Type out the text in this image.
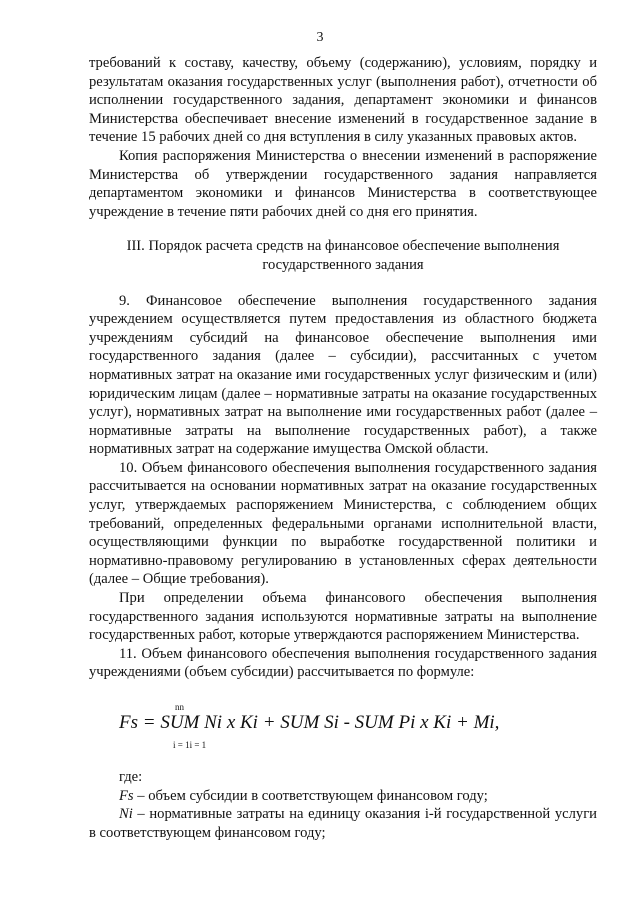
3

требований к составу, качеству, объему (содержанию), условиям, порядку и результатам оказания государственных услуг (выполнения работ), отчетности об исполнении государственного задания, департамент экономики и финансов Министерства обеспечивает внесение изменений в государственное задание в течение 15 рабочих дней со дня вступления в силу указанных правовых актов.

Копия распоряжения Министерства о внесении изменений в распоряжение Министерства об утверждении государственного задания направляется департаментом экономики и финансов Министерства в соответствующее учреждение в течение пяти рабочих дней со дня его принятия.

III. Порядок расчета средств на финансовое обеспечение выполнения государственного задания

9. Финансовое обеспечение выполнения государственного задания учреждением осуществляется путем предоставления из областного бюджета учреждениям субсидий на финансовое обеспечение выполнения ими государственного задания (далее – субсидии), рассчитанных с учетом нормативных затрат на оказание ими государственных услуг физическим и (или) юридическим лицам (далее – нормативные затраты на оказание государственных услуг), нормативных затрат на выполнение ими государственных работ (далее – нормативные затраты на выполнение государственных работ), а также нормативных затрат на содержание имущества Омской области.

10. Объем финансового обеспечения выполнения государственного задания рассчитывается на основании нормативных затрат на оказание государственных услуг, утверждаемых распоряжением Министерства, с соблюдением общих требований, определенных федеральными органами исполнительной власти, осуществляющими функции по выработке государственной политики и нормативно-правовому регулированию в установленных сферах деятельности (далее – Общие требования).

При определении объема финансового обеспечения выполнения государственного задания используются нормативные затраты на выполнение государственных работ, которые утверждаются распоряжением Министерства.

11. Объем финансового обеспечения выполнения государственного задания учреждениями (объем субсидии) рассчитывается по формуле:

nn
Fs = SUM Ni x Ki + SUM Si - SUM Pi x Ki + Mi,
i = 1i = 1

где:

Fs – объем субсидии в соответствующем финансовом году;

Ni – нормативные затраты на единицу оказания i-й государственной услуги в соответствующем финансовом году;
